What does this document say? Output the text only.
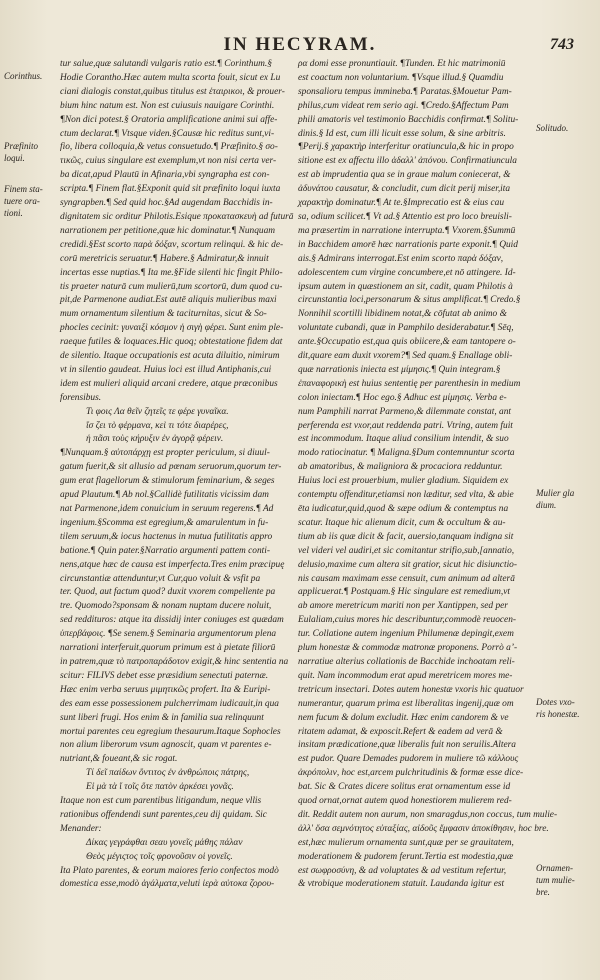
IN HECYRAM.	743
Corinthus.
Præfinito
loqui.
Finem sta-
tuere ora-
tioni.
Solitudo.
Mulier gla
dium.
Dotes vxo-
ris honestæ.
Ornamen-
tum mulie-
bre.
tur salue,quæ salutandi vulgaris ratio est.¶ Corinthum.§
Hodie Corantho.Hæc autem multa scorta fouit, sicut ex Lu
ciani dialogis constat,quibus titulus est ἑταιρικοι, & prouer-
bium hinc natum est. Non est cuiusuis nauigare Corinthi.
¶Non dici potest.§ Oratoria amplificatione animi sui affe-
ctum declarat.¶ Vtsque viden.§Causæ hic reditus sunt,vi-
fio, libera colloquia,& vetus consuetudo.¶ Præfinito.§ σο-
τικῶς, cuius singulare est exemplum,vt non nisi certa ver-
ba dicat,apud Plautū in Afinaria,vbi syngrapha est con-
scripta.¶ Finem flat.§Exponit quid sit præfinito loqui iuxta
syngrapben.¶ Sed quid hoc.§Ad augendam Bacchidis in-
dignitatem sic orditur Philotis.Esique προκατασκευὴ ad futurā
narrationem per petitione,quæ hic dominatur.¶ Nunquam
credidi.§Est scorto παρὰ δόξαν, scortum relinqui. & hic de-
corū meretricis seruatur.¶ Habere.§ Admiratur,& innuit
incertas esse nuptias.¶ Ita me.§Fide silenti hic fingit Philo-
tis praeter naturā cum mulierū,tum scortorū, dum quod cu-
pit,de Parmenone audiat.Est autē aliquis mulieribus maxi
mum ornamentum silentium & taciturnitas, sicut & So-
phocles cecinit: γυναιξὶ κόσμον ἡ σιγὴ φέρει. Sunt enim ple-
raeque futiles & loquaces.Hic quoq; obtestatione fidem dat
de silentio. Itaque occupationis est acuta diluitio, nimirum
vt in silentio gaudeat. Huius loci est illud Antiphanis,cui
idem est mulieri aliquid arcani credere, atque præconibus
forensibus.
Τι φοις Λα θεῖν ζητεῖς τε φέρε γυναῖκα.
ἴσ ζει τὸ φέρμανα, κεὶ τι τότε διαρέρες,
ἡ πᾶσι τοὺς κήρυξιν ἐν ἀγορᾷ φέρειν.
¶Nunquam.§ αὐτοπάρχῃ est propter periculum, si diuul-
gatum fuerit,& sit allusio ad pœnam seruorum,quorum ter-
gum erat flagellorum & stimulorum feminarium, & seges
apud Plautum.¶ Ab nol.§Callidè futilitatis vicissim dam
nat Parmenone,idem conuicium in seruum regerens.¶ Ad
ingenium.§Scomma est egregium,& amarulentum in fu-
tilem seruum,& iocus hactenus in mutua futilitatis appro
batione.¶ Quin pater.§Narratio argumenti pattem conti-
nens,atque hæc de causa est imperfecta.Tres enim præcipuę
circunstantiæ attenduntur,vt Cur,quo voluit & vsfit pa
ter. Quod, aut factum quod? duxit vxorem compellente pa
tre. Quomodo?sponsam & nonam nuptam ducere noluit,
sed reddituros: atque ita dissidij inter coniuges est quædam
ὑπερβάφοις. ¶Se senem.§ Seminaria argumentorum plena
narrationi interferuit,quorum primum est à pietate filiorū
in patrem,quæ τὸ πατροπαράδοτον exigit,& hinc sententia na
scitur: FILIVS debet esse præsidium senectuti paternæ.
Hæc enim verba seruus μιμητικῶς profert. Ita & Euripi-
des eam esse possessionem pulcherrimam iudicauit,in qua
sunt liberi frugi. Hos enim & in familia sua relinquunt
mortui parentes ceu egregium thesaurum.Itaque Sophocles
non alium liberorum vsum agnoscit, quam vt parentes e-
nutriant,& foueant,& sic rogat.
Τί δεῖ παίδων ὄντιτος ἐν ἀνθρώποις πάτρης,
Εἰ μὰ τὰ ἴ τοῖς ὅτε πατὸν ἀρκέσει γονᾶς.
Itaque non est cum parentibus litigandum, neque vllis
rationibus offendendi sunt parentes,ceu dij quidam. Sic
Menander:
Δίκας γεγράφθαι σεαυ γονεῖς μάθης πάλαν
Θεὸς μέγιςτος τοῖς φρονοῦσιν οἱ γονεῖς.
Ita Plato parentes, & eorum maiores ferio confectos modò
domestica esse,modò ἀγάλματα,veluti ἱερὰ αὐτοκα ζορου-
ρα domi esse pronuntiauit. ¶Tunden. Et hic matrimoniū
est coactum non voluntarium. ¶Vsque illud.§ Quamdiu
sponsalioru tempus immineba.¶ Paratas.§Mouetur Pam-
philus,cum videat rem serio agi. ¶Credo.§Affectum Pam
phili amatoris vel testimonio Bacchidis confirmat.¶ Solitu-
dinis.§ Id est, cum illi licuit esse solum, & sine arbitris.
¶Perij.§ χαρακτὴρ interferitur oratiuncula,& hic in propo
sitione est ex affectu illo ἀδαλλ' ἀπόνου. Confirmatiuncula
est ab imprudentia qua se in graue malum coniecerat, &
ἀδυνάτου causatur, & concludit, cum dicit perij miser,ita
χαρακτὴρ dominatur.¶ At te.§Imprecatio est & eius cau
sa, odium scilicet.¶ Vt ad.§ Attentio est pro loco breuisli-
ma præsertim in narratione interrupta.¶ Vxorem.§Summū
in Bacchidem amorē hæc narrationis parte exponit.¶ Quid
ais.§ Admirans interrogat.Est enim scorto παρὰ δόξαν,
adolescentem cum virgine concumbere,et nō attingere. Id-
ipsum autem in quæstionem an sit, cadit, quam Philotis à
circunstantia loci,personarum & situs amplificat.¶ Credo.§
Nonnihil scortilli libidinem notat,& cōfutat ab animo &
voluntate cubandi, quæ in Pamphilo desiderabatur.¶ Sēq,
ante.§Occupatio est,qua quis obiicere,& eam tantopere o-
dit,quare eam duxit vxorem?¶ Sed quam.§ Enallage obli-
quæ narrationis iniecta est μίμησις.¶ Quin integram.§
ἐπαναφορικὴ est huius sententię per parenthesin in medium
colon iniectam.¶ Hoc ego.§ Adhuc est μίμησις. Verba e-
num Pamphili narrat Parmeno,& dilemmate constat, ant
perferenda est vxor,aut reddenda patri. Vtring, autem fuit
est incommodum. Itaque aliud consilium intendit, & suo
modo ratiocinatur. ¶ Maligna.§Dum contemnuntur scorta
ab amatoribus, & maligniora & procaciora redduntur.
Huius loci est prouerbium, mulier gladium. Siquidem ex
contemptu offenditur,etiamsi non læditur, sed vlta, & abie
ēta iudicatur,quid,quod & sæpe odium & contemptus na
scatur. Itaque hic alienum dicit, cum & occultum & au-
tium ab iis quæ dicit & facit, auersio,tanquam indigna sit
vel videri vel audiri,et sic comitantur strifio,sub,[annatio,
delusio,maxime cum altera sit gratior, sicut hic disiunctio-
nis causam maximam esse censuit, cum animum ad alterā
applicuerat.¶ Postquam.§ Hic singulare est remedium,vt
ab amore meretricum mariti non per Xantippen, sed per
Eulaliam,cuius mores hic describuntur,commodè reuocen-
tur. Collatione autem ingenium Philumenæ depingit,exem
plum honestæ & commodæ matronæ proponens. Porrò aʼ-
narratiue alterius collationis de Bacchide inchoatam reli-
quit. Nam incommodum erat apud meretricem mores me-
tretricum insectari. Dotes autem honestæ vxoris hic quatuor
numerantur, quarum prima est liberalitas ingenij,quæ om
nem fucum & dolum excludit. Hæc enim candorem & ve
ritatem adamat, & exposcit.Refert & eadem ad verā &
insitam prædicatione,quæ liberalis fuit non seruilis.Altera
est pudor. Quare Demades pudorem in muliere τῶ κάλλους
ἀκρόπολιν, hoc est,arcem pulchritudinis & formæ esse dice-
bat. Sic & Crates dicere solitus erat ornamentum esse id
quod ornat,ornat autem quod honestiorem mulierem red-
dit. Reddit autem non aurum, non smaragdus,non coccus, tum mulie-
ἀλλ' ὅσα σεμνότητος εὐταξίας, αἰδοῦς ἔμφασιν ἀποκίθησιν, hoc bre.
est,hæc mulierum ornamenta sunt,quæ per se grauitatem,
moderationem & pudorem ferunt.Tertia est modestia,quæ
est σωφροσύνη, & ad voluptates & ad vestitum refertur,
& vtrobique moderationem statuit. Laudanda igitur est
